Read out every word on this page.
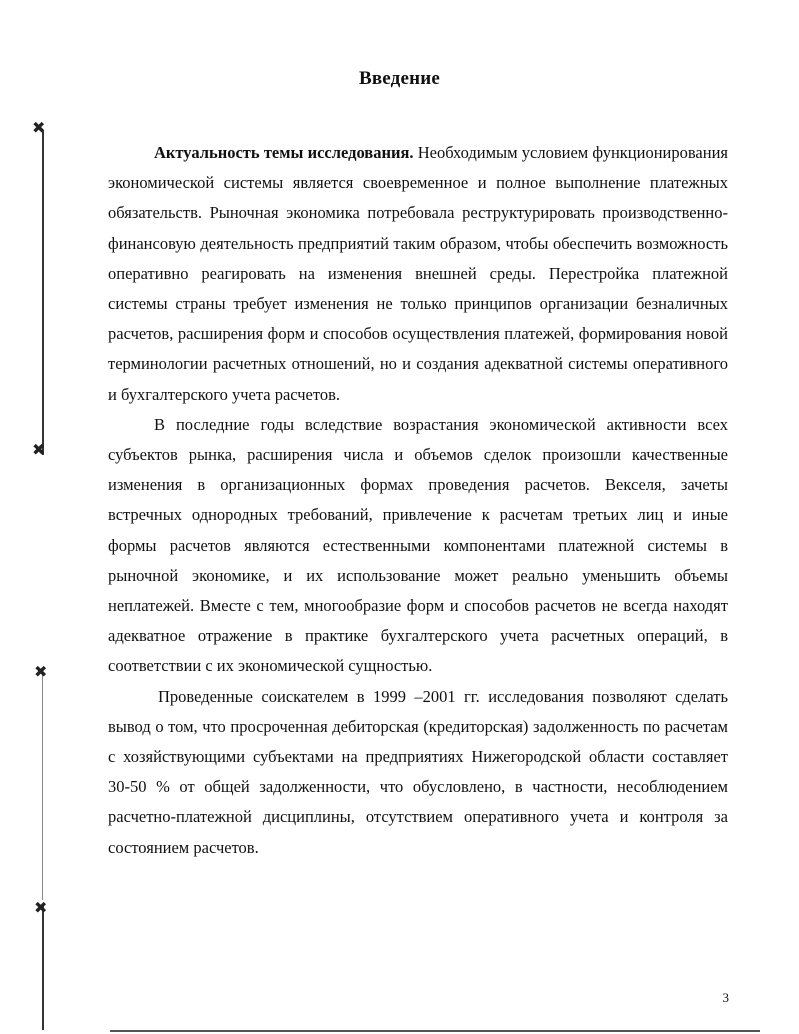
✖
✖
✖
✖
Введение

Актуальность темы исследования. Необходимым условием функционирования экономической системы является своевременное и полное выполнение платежных обязательств. Рыночная экономика потребовала реструктурировать производственно-финансовую деятельность предприятий таким образом, чтобы обеспечить возможность оперативно реагировать на изменения внешней среды. Перестройка платежной системы страны требует изменения не только принципов организации безналичных расчетов, расширения форм и способов осуществления платежей, формирования новой терминологии расчетных отношений, но и создания адекватной системы оперативного и бухгалтерского учета расчетов.

В последние годы вследствие возрастания экономической активности всех субъектов рынка, расширения числа и объемов сделок произошли качественные изменения в организационных формах проведения расчетов. Векселя, зачеты встречных однородных требований, привлечение к расчетам третьих лиц и иные формы расчетов являются естественными компонентами платежной системы в рыночной экономике, и их использование может реально уменьшить объемы неплатежей. Вместе с тем, многообразие форм и способов расчетов не всегда находят адекватное отражение в практике бухгалтерского учета расчетных операций, в соответствии с их экономической сущностью.

Проведенные соискателем в 1999 –2001 гг. исследования позволяют сделать вывод о том, что просроченная дебиторская (кредиторская) задолженность по расчетам с хозяйствующими субъектами на предприятиях Нижегородской области составляет 30-50 % от общей задолженности, что обусловлено, в частности, несоблюдением расчетно-платежной дисциплины, отсутствием оперативного учета и контроля за состоянием расчетов.

3
